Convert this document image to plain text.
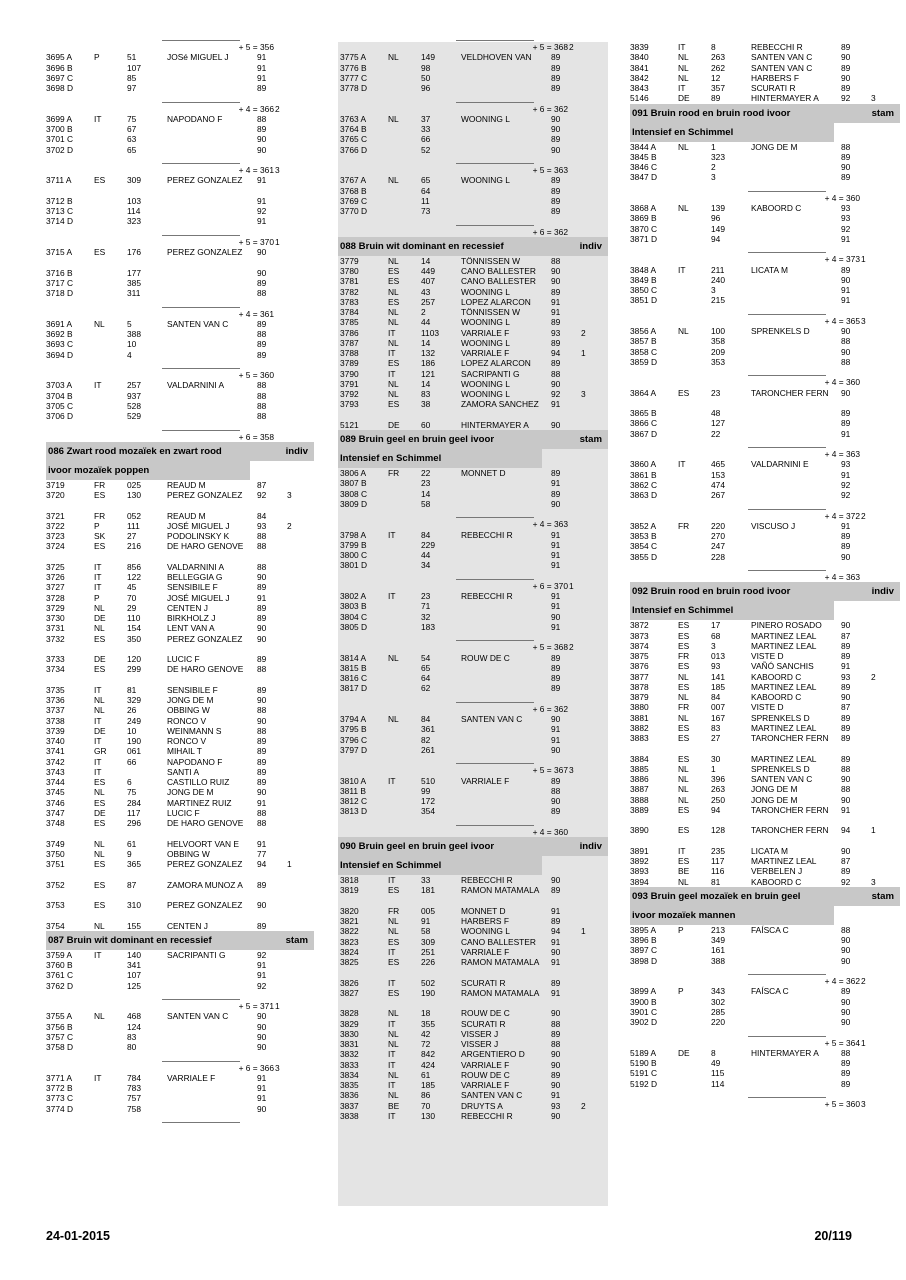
+ 5 = 356
3695 A	P	51	JOSé MIGUEL J	91
3696 B	107	91
3697 C	85	91
3698 D	97	89
+ 4 = 366 2
3699 A	IT	75	NAPODANO F	88
3700 B	67	89
3701 C	63	90
3702 D	65	90
+ 4 = 361 3
3711 A	ES	309	PEREZ GONZALEZ	91
3712 B	103	91
3713 C	114	92
3714 D	323	91
+ 5 = 370 1
3715 A	ES	176	PEREZ GONZALEZ	90
3716 B	177	90
3717 C	385	89
3718 D	311	88
+ 4 = 361
3691 A	NL	5	SANTEN VAN C	89
3692 B	388	88
3693 C	10	89
3694 D	4	89
+ 5 = 360
3703 A	IT	257	VALDARNINI A	88
3704 B	937	88
3705 C	528	88
3706 D	529	88
+ 6 = 358
086 Zwart rood mozaïek en zwart rood	indiv
ivoor mozaïek poppen
3719	FR	025	REAUD M	87
3720	ES	130	PEREZ GONZALEZ	92	3
3721	FR	052	REAUD M	84
3722	P	111	JOSÉ MIGUEL J	93	2
3723	SK	27	PODOLINSKY K	88
3724	ES	216	DE HARO GENOVE	88
3725	IT	856	VALDARNINI A	88
3726	IT	122	BELLEGGIA G	90
3727	IT	45	SENSIBILE F	89
3728	P	70	JOSÉ MIGUEL J	91
3729	NL	29	CENTEN J	89
3730	DE	110	BIRKHOLZ J	89
3731	NL	154	LENT VAN A	90
3732	ES	350	PEREZ GONZALEZ	90
3733	DE	120	LUCIC F	89
3734	ES	299	DE HARO GENOVE	88
3735	IT	81	SENSIBILE F	89
3736	NL	329	JONG DE M	90
3737	NL	26	OBBING W	88
3738	IT	249	RONCO V	90
3739	DE	10	WEINMANN S	88
3740	IT	190	RONCO V	89
3741	GR	061	MIHAIL T	89
3742	IT	66	NAPODANO F	89
3743	IT	SANTI A	89
3744	ES	6	CASTILLO RUIZ	89
3745	NL	75	JONG DE M	90
3746	ES	284	MARTINEZ RUIZ	91
3747	DE	117	LUCIC F	88
3748	ES	296	DE HARO GENOVE	88
3749	NL	61	HELVOORT VAN E	91
3750	NL	9	OBBING W	77
3751	ES	365	PEREZ GONZALEZ	94	1
3752	ES	87	ZAMORA MUNOZ A	89
3753	ES	310	PEREZ GONZALEZ	90
3754	NL	155	CENTEN J	89
087 Bruin wit dominant en recessief	stam
3759 A	IT	140	SACRIPANTI G	92
3760 B	341	91
3761 C	107	91
3762 D	125	92
+ 5 = 371 1
3755 A	NL	468	SANTEN VAN C	90
3756 B	124	90
3757 C	83	90
3758 D	80	90
+ 6 = 366 3
3771 A	IT	784	VARRIALE F	91
3772 B	783	91
3773 C	757	91
3774 D	758	90
+ 5 = 368 2
3775 A	NL	149	VELDHOVEN VAN	89
3776 B	98	89
3777 C	50	89
3778 D	96	89
+ 6 = 362
3763 A	NL	37	WOONING L	90
3764 B	33	90
3765 C	66	89
3766 D	52	90
+ 5 = 363
3767 A	NL	65	WOONING L	89
3768 B	64	89
3769 C	11	89
3770 D	73	89
+ 6 = 362
088 Bruin wit dominant en recessief	indiv
3779	NL	14	TÖNNISSEN W	88
3780	ES	449	CANO BALLESTER	90
3781	ES	407	CANO BALLESTER	90
3782	NL	43	WOONING L	89
3783	ES	257	LOPEZ ALARCON	91
3784	NL	2	TÖNNISSEN W	91
3785	NL	44	WOONING L	89
3786	IT	1103	VARRIALE F	93	2
3787	NL	14	WOONING L	89
3788	IT	132	VARRIALE F	94	1
3789	ES	186	LOPEZ ALARCON	89
3790	IT	121	SACRIPANTI G	88
3791	NL	14	WOONING L	90
3792	NL	83	WOONING L	92	3
3793	ES	38	ZAMORA SANCHEZ	91
5121	DE	60	HINTERMAYER A	90
089 Bruin geel en bruin geel ivoor	stam
Intensief en Schimmel
3806 A	FR	22	MONNET D	89
3807 B	23	91
3808 C	14	89
3809 D	58	90
+ 4 = 363
3798 A	IT	84	REBECCHI R	91
3799 B	229	91
3800 C	44	91
3801 D	34	91
+ 6 = 370 1
3802 A	IT	23	REBECCHI R	91
3803 B	71	91
3804 C	32	90
3805 D	183	91
+ 5 = 368 2
3814 A	NL	54	ROUW DE C	89
3815 B	65	89
3816 C	64	89
3817 D	62	89
+ 6 = 362
3794 A	NL	84	SANTEN VAN C	90
3795 B	361	91
3796 C	82	91
3797 D	261	90
+ 5 = 367 3
3810 A	IT	510	VARRIALE F	89
3811 B	99	88
3812 C	172	90
3813 D	354	89
+ 4 = 360
090 Bruin geel en bruin geel ivoor	indiv
Intensief en Schimmel
3818	IT	33	REBECCHI R	90
3819	ES	181	RAMON MATAMALA	89
3820	FR	005	MONNET D	91
3821	NL	91	HARBERS F	89
3822	NL	58	WOONING L	94	1
3823	ES	309	CANO BALLESTER	91
3824	IT	251	VARRIALE F	90
3825	ES	226	RAMON MATAMALA	91
3826	IT	502	SCURATI R	89
3827	ES	190	RAMON MATAMALA	91
3828	NL	18	ROUW DE C	90
3829	IT	355	SCURATI R	88
3830	NL	42	VISSER J	89
3831	NL	72	VISSER J	88
3832	IT	842	ARGENTIERO D	90
3833	IT	424	VARRIALE F	90
3834	NL	61	ROUW DE C	89
3835	IT	185	VARRIALE F	90
3836	NL	86	SANTEN VAN C	91
3837	BE	70	DRUYTS A	93	2
3838	IT	130	REBECCHI R	90
3839	IT	8	REBECCHI R	89
3840	NL	263	SANTEN VAN C	90
3841	NL	262	SANTEN VAN C	89
3842	NL	12	HARBERS F	90
3843	IT	357	SCURATI R	89
5146	DE	89	HINTERMAYER A	92	3
091 Bruin rood en bruin rood ivoor	stam
Intensief en Schimmel
3844 A	NL	1	JONG DE M	88
3845 B	323	89
3846 C	2	90
3847 D	3	89
+ 4 = 360
3868 A	NL	139	KABOORD C	93
3869 B	96	93
3870 C	149	92
3871 D	94	91
+ 4 = 373 1
3848 A	IT	211	LICATA M	89
3849 B	240	90
3850 C	3	91
3851 D	215	91
+ 4 = 365 3
3856 A	NL	100	SPRENKELS D	90
3857 B	358	88
3858 C	209	90
3859 D	353	88
+ 4 = 360
3864 A	ES	23	TARONCHER FERN	90
3865 B	48	89
3866 C	127	89
3867 D	22	91
+ 4 = 363
3860 A	IT	465	VALDARNINI E	93
3861 B	153	91
3862 C	474	92
3863 D	267	92
+ 4 = 372 2
3852 A	FR	220	VISCUSO J	91
3853 B	270	89
3854 C	247	89
3855 D	228	90
+ 4 = 363
092 Bruin rood en bruin rood ivoor	indiv
Intensief en Schimmel
3872	ES	17	PINERO ROSADO	90
3873	ES	68	MARTINEZ LEAL	87
3874	ES	3	MARTINEZ LEAL	89
3875	FR	013	VISTE D	89
3876	ES	93	VAÑÓ SANCHIS	91
3877	NL	141	KABOORD C	93	2
3878	ES	185	MARTINEZ LEAL	89
3879	NL	84	KABOORD C	90
3880	FR	007	VISTE D	87
3881	NL	167	SPRENKELS D	89
3882	ES	83	MARTINEZ LEAL	89
3883	ES	27	TARONCHER FERN	89
3884	ES	30	MARTINEZ LEAL	89
3885	NL	1	SPRENKELS D	88
3886	NL	396	SANTEN VAN C	90
3887	NL	263	JONG DE M	88
3888	NL	250	JONG DE M	90
3889	ES	94	TARONCHER FERN	91
3890	ES	128	TARONCHER FERN	94	1
3891	IT	235	LICATA M	90
3892	ES	117	MARTINEZ LEAL	87
3893	BE	116	VERBELEN J	89
3894	NL	81	KABOORD C	92	3
093 Bruin geel mozaïek en bruin geel	stam
ivoor mozaïek mannen
3895 A	P	213	FAÍSCA C	88
3896 B	349	90
3897 C	161	90
3898 D	388	90
+ 4 = 362 2
3899 A	P	343	FAÍSCA C	89
3900 B	302	90
3901 C	285	90
3902 D	220	90
+ 5 = 364 1
5189 A	DE	8	HINTERMAYER A	88
5190 B	49	89
5191 C	115	89
5192 D	114	89
+ 5 = 360 3
24-01-2015	20/119
